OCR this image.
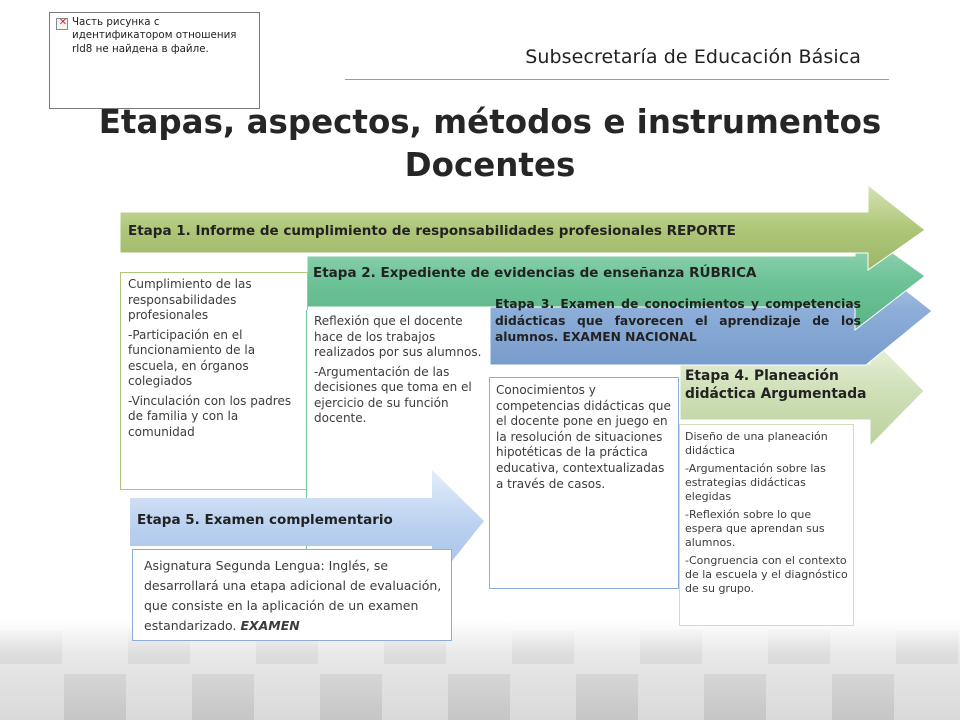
✕
Часть рисунка с идентификатором отношения rId8 не найдена в файле.	Subsecretaría de Educación Básica
Etapas, aspectos, métodos e instrumentos
Docentes
Etapa 1. Informe de cumplimiento de responsabilidades profesionales REPORTE

Cumplimiento de las responsabilidades profesionales

-Participación en el funcionamiento de la escuela, en órganos colegiados

-Vinculación con los padres de familia y con la comunidad

Etapa 2. Expediente de evidencias de enseñanza RÚBRICA

Reflexión que el docente hace de los trabajos realizados por sus alumnos.

-Argumentación de las decisiones que toma en el ejercicio de su función docente.

Etapa 3. Examen de conocimientos y competencias didácticas que favorecen el aprendizaje de los alumnos. EXAMEN NACIONAL

Conocimientos y competencias didácticas que el docente pone en juego en la resolución de situaciones hipotéticas de la práctica educativa, contextualizadas a través de casos.

Etapa 4. Planeación didáctica Argumentada

Diseño de una planeación didáctica

-Argumentación sobre las estrategias didácticas elegidas

-Reflexión sobre lo que espera que aprendan sus alumnos.

-Congruencia con el contexto de la escuela y el diagnóstico de su grupo.

Etapa 5. Examen complementario
Asignatura Segunda Lengua: Inglés, se desarrollará una etapa adicional de evaluación, que consiste en la aplicación de un examen estandarizado. EXAMEN
